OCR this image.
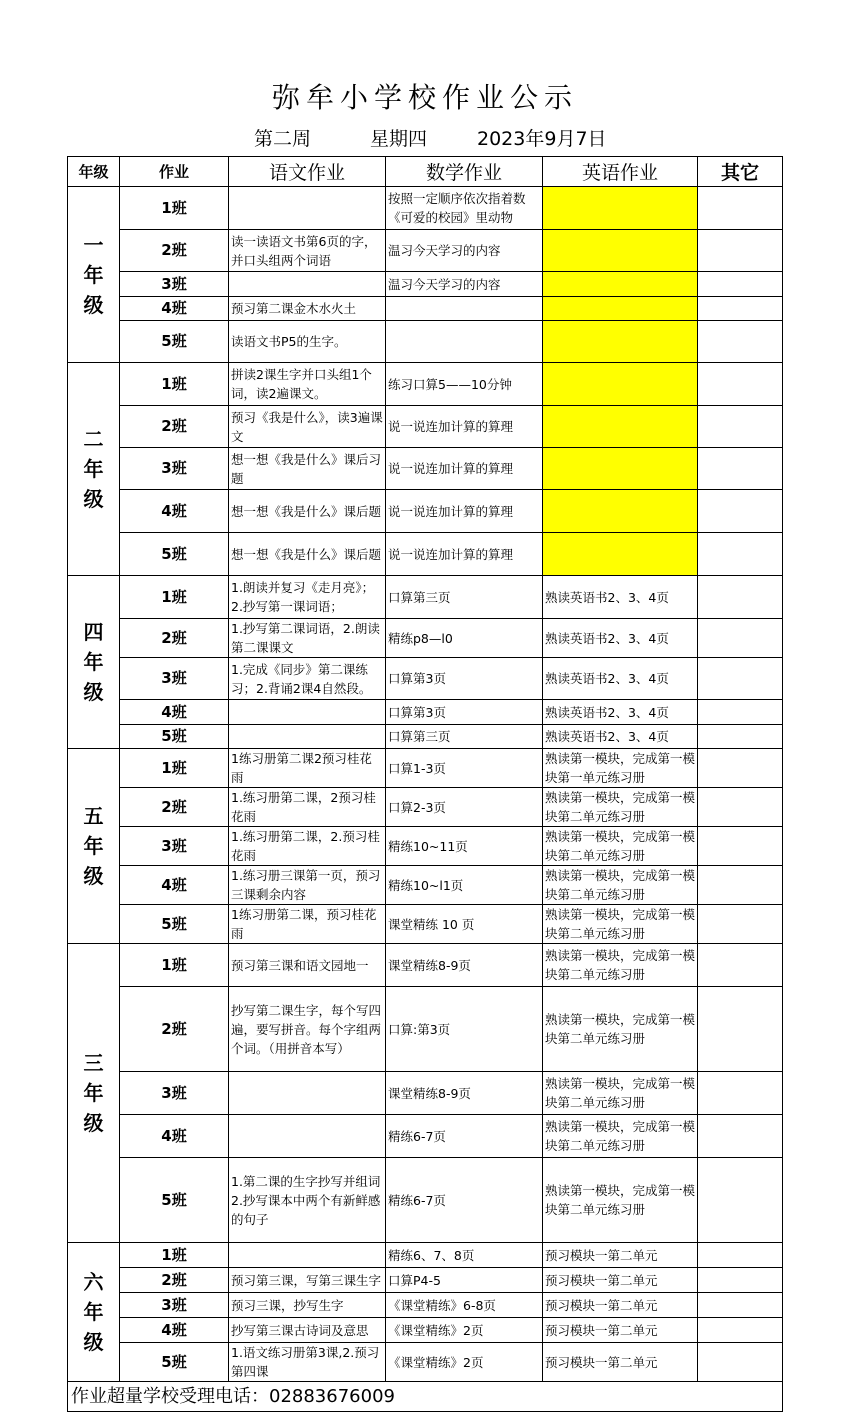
弥牟小学校作业公示
第二周	星期四	2023年9月7日
年级	作业	语文作业	数学作业	英语作业	其它
一年级	1班		按照一定顺序依次指着数《可爱的校园》里动物		
	2班	读一读语文书第6页的字，并口头组两个词语	温习今天学习的内容		
	3班		温习今天学习的内容		
	4班	预习第二课金木水火土			
	5班	读语文书P5的生字。			
二年级	1班	拼读2课生字并口头组1个词，读2遍课文。	练习口算5——10分钟		
	2班	预习《我是什么》，读3遍课文	说一说连加计算的算理		
	3班	想一想《我是什么》课后习题	说一说连加计算的算理		
	4班	想一想《我是什么》课后题	说一说连加计算的算理		
	5班	想一想《我是什么》课后题	说一说连加计算的算理		
四年级	1班	1.朗读并复习《走月亮》；2.抄写第一课词语；	口算第三页	熟读英语书2、3、4页	
	2班	1.抄写第二课词语，2.朗读第二课课文	精练p8—l0	熟读英语书2、3、4页	
	3班	1.完成《同步》第二课练习；2.背诵2课4自然段。	口算第3页	熟读英语书2、3、4页	
	4班		口算第3页	熟读英语书2、3、4页	
	5班		口算第三页	熟读英语书2、3、4页	
五年级	1班	1练习册第二课2预习桂花雨	口算1-3页	熟读第一模块，完成第一模块第一单元练习册	
	2班	1.练习册第二课，2预习桂花雨	口算2-3页	熟读第一模块，完成第一模块第二单元练习册	
	3班	1.练习册第二课，2.预习桂花雨	精练10~11页	熟读第一模块，完成第一模块第二单元练习册	
	4班	1.练习册三课第一页，预习三课剩余内容	精练10~l1页	熟读第一模块，完成第一模块第二单元练习册	
	5班	1练习册第二课，预习桂花雨	课堂精练 10 页	熟读第一模块，完成第一模块第二单元练习册	
三年级	1班	预习第三课和语文园地一	课堂精练8-9页	熟读第一模块，完成第一模块第二单元练习册	
	2班	抄写第二课生字，每个写四遍，要写拼音。每个字组两个词。（用拼音本写）	口算:第3页	熟读第一模块，完成第一模块第二单元练习册	
	3班		课堂精练8-9页	熟读第一模块，完成第一模块第二单元练习册	
	4班		精练6-7页	熟读第一模块，完成第一模块第二单元练习册	
	5班	1.第二课的生字抄写并组词
2.抄写课本中两个有新鲜感的句子	精练6-7页	熟读第一模块，完成第一模块第二单元练习册	
六年级	1班		精练6、7、8页	预习模块一第二单元	
	2班	预习第三课，写第三课生字	口算P4-5	预习模块一第二单元	
	3班	预习三课，抄写生字	《课堂精练》6-8页	预习模块一第二单元	
	4班	抄写第三课古诗词及意思	《课堂精练》2页	预习模块一第二单元	
	5班	1.语文练习册第3课,2.预习第四课	《课堂精练》2页	预习模块一第二单元	
作业超量学校受理电话：02883676009					
